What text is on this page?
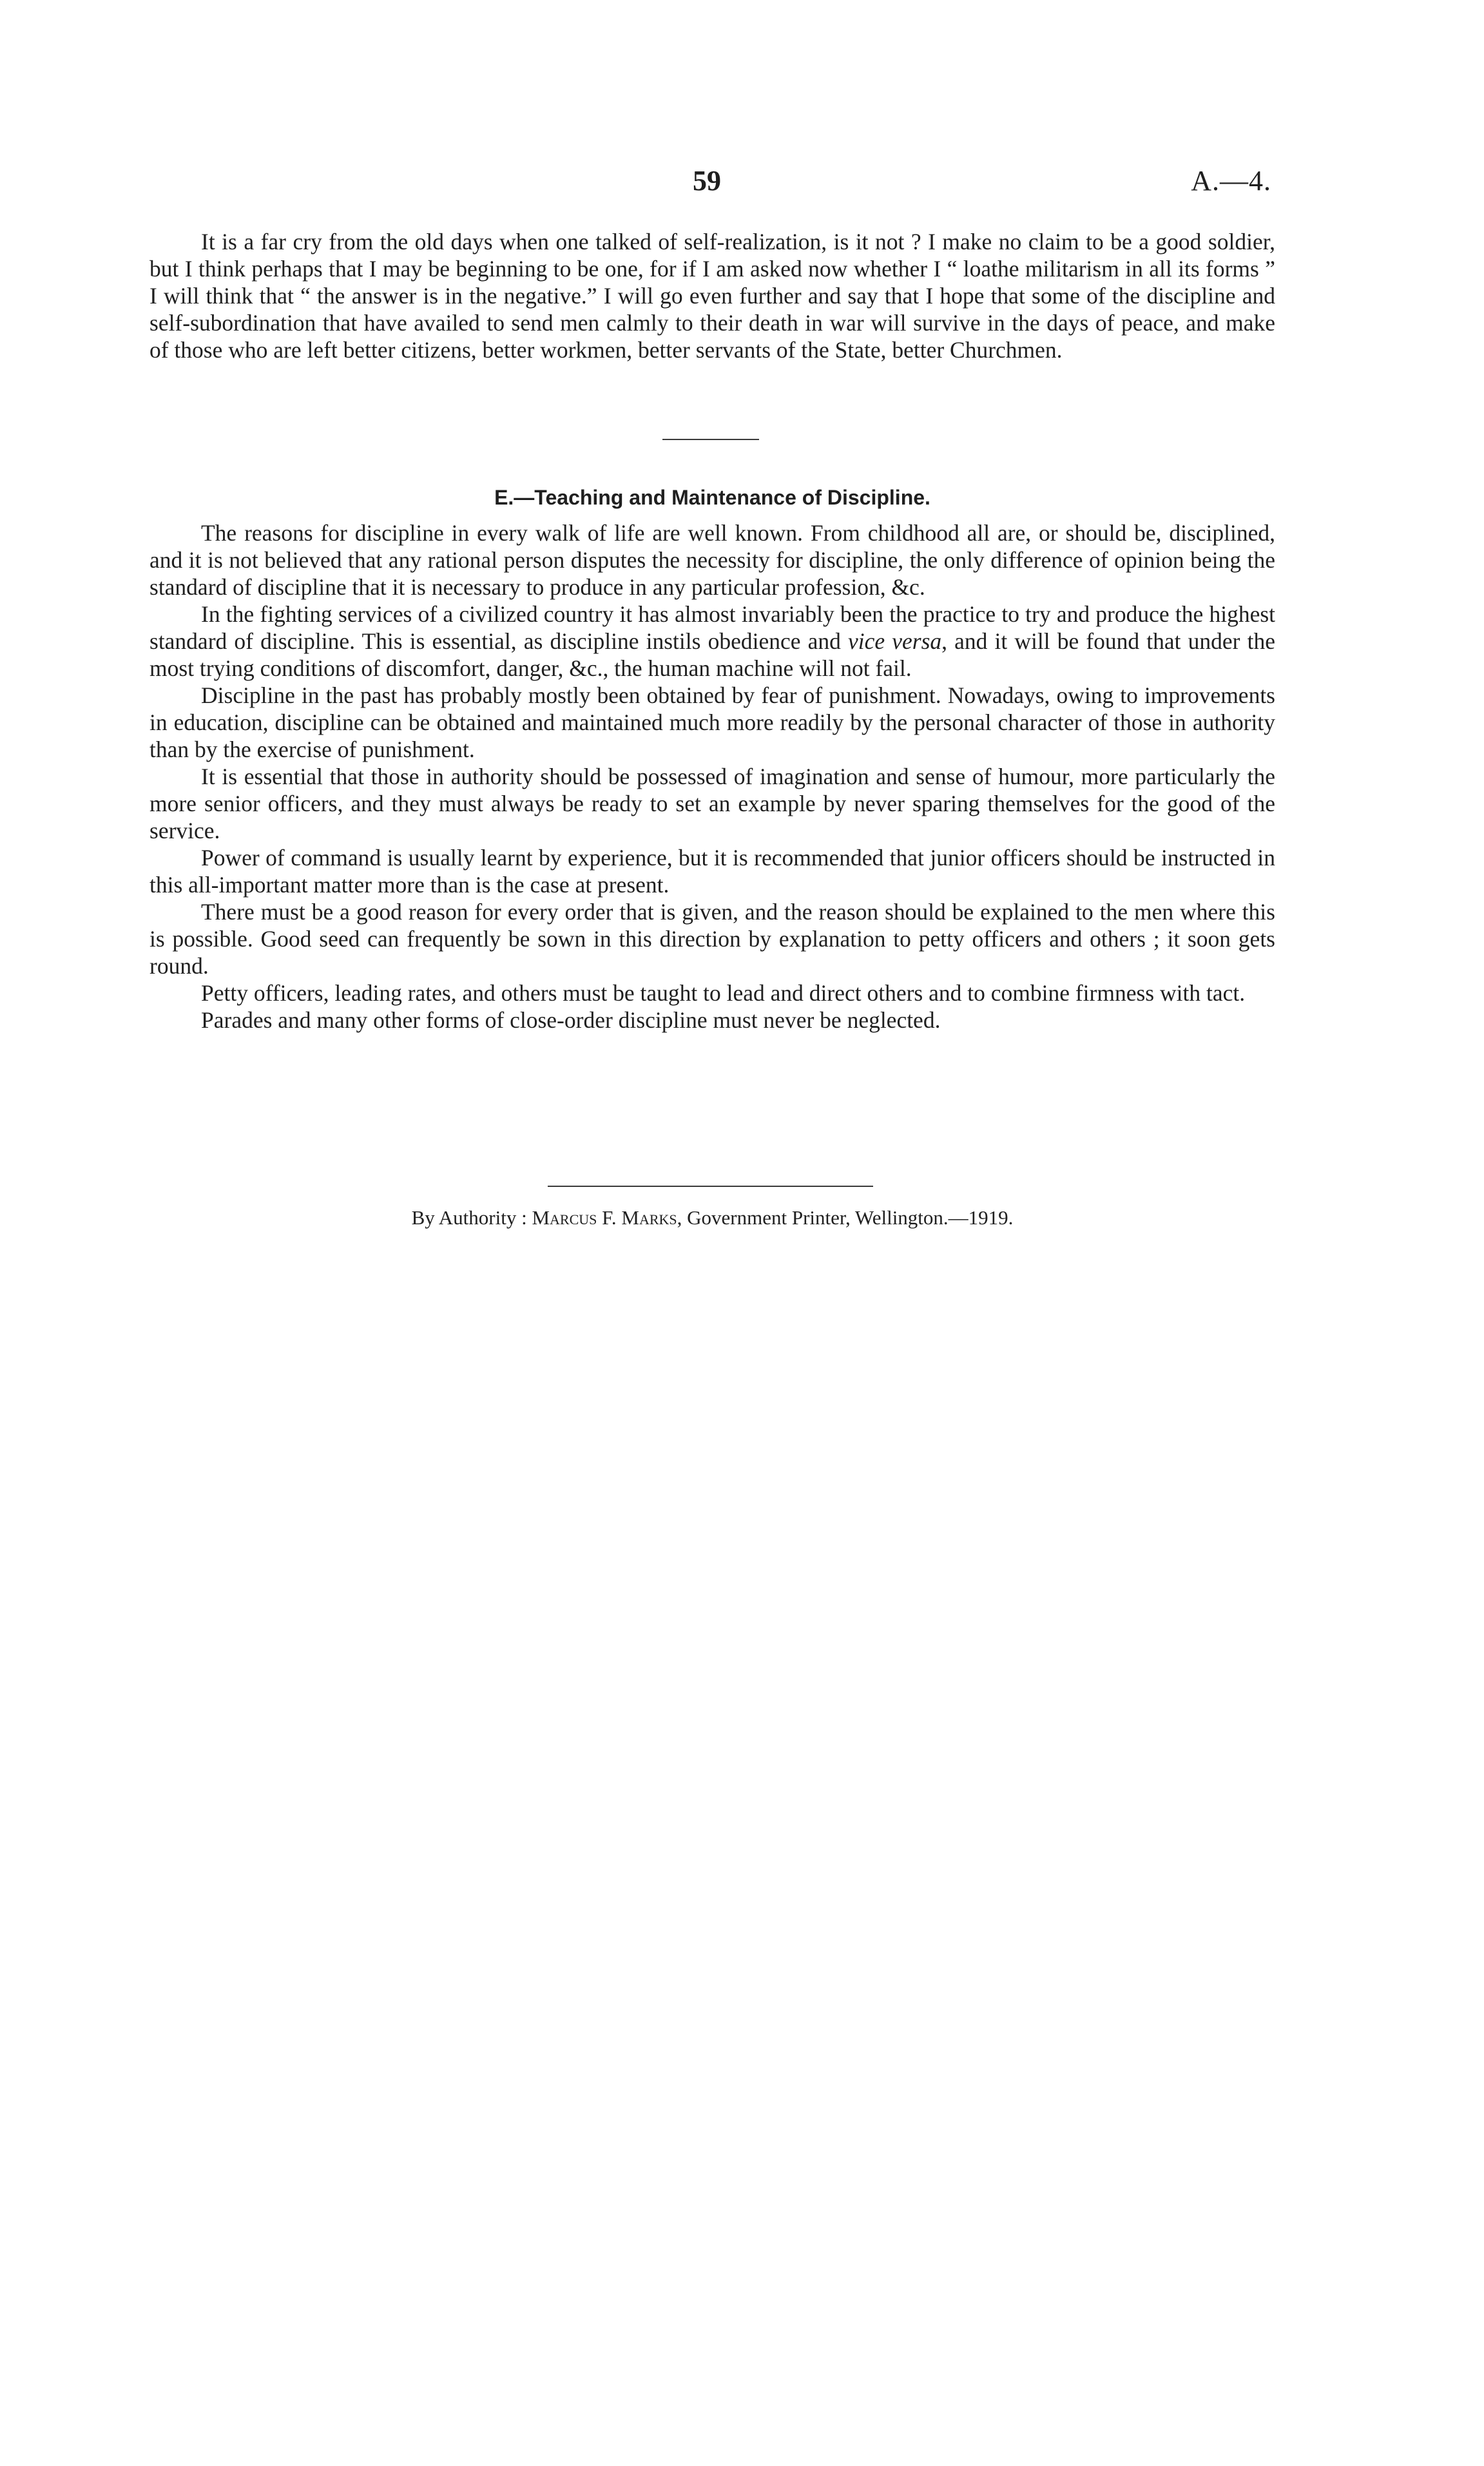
59	A.—4.

It is a far cry from the old days when one talked of self-realization, is it not ? I make no claim to be a good soldier, but I think perhaps that I may be beginning to be one, for if I am asked now whether I “ loathe militarism in all its forms ” I will think that “ the answer is in the negative.” I will go even further and say that I hope that some of the discipline and self-subordination that have availed to send men calmly to their death in war will survive in the days of peace, and make of those who are left better citizens, better workmen, better servants of the State, better Churchmen.

E.—Teaching and Maintenance of Discipline.

The reasons for discipline in every walk of life are well known. From childhood all are, or should be, disciplined, and it is not believed that any rational person disputes the necessity for discipline, the only difference of opinion being the standard of discipline that it is necessary to produce in any particular profession, &c.

In the fighting services of a civilized country it has almost invariably been the practice to try and produce the highest standard of discipline. This is essential, as discipline instils obedience and vice versa, and it will be found that under the most trying conditions of discomfort, danger, &c., the human machine will not fail.

Discipline in the past has probably mostly been obtained by fear of punishment. Nowadays, owing to improvements in education, discipline can be obtained and maintained much more readily by the personal character of those in authority than by the exercise of punishment.

It is essential that those in authority should be possessed of imagination and sense of humour, more particularly the more senior officers, and they must always be ready to set an example by never sparing themselves for the good of the service.

Power of command is usually learnt by experience, but it is recommended that junior officers should be instructed in this all-important matter more than is the case at present.

There must be a good reason for every order that is given, and the reason should be explained to the men where this is possible. Good seed can frequently be sown in this direction by explanation to petty officers and others ; it soon gets round.

Petty officers, leading rates, and others must be taught to lead and direct others and to combine firmness with tact.

Parades and many other forms of close-order discipline must never be neglected.

By Authority : Marcus F. Marks, Government Printer, Wellington.—1919.
